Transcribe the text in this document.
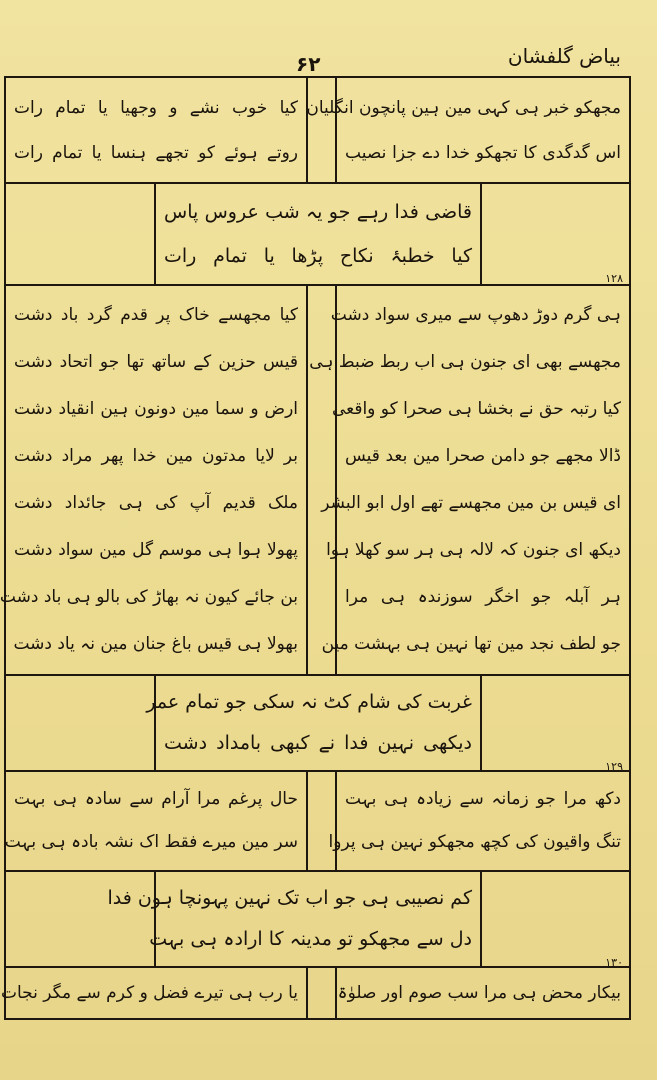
۶۲	بیاض گلفشان
مجھکو خبر ہی کہی مین ہین پانچون انگلیان
اس گدگدی کا تجھکو خدا دے جزا نصیب
کیا خوب نشے و وجھیا یا تمام رات
روتے ہوئے کو تجھے ہنسا یا تمام رات
قاضی فدا رہے جو یہ شب عروس پاس
کیا خطبۂ نکاح پڑھا یا تمام رات
۱۲۸
ہی گرم دوڑ دھوپ سے میری سواد دشت
مجھسے بھی ای جنون ہی اب ربط ضبط ہی
کیا رتبہ حق نے بخشا ہی صحرا کو واقعی
ڈالا مجھے جو دامن صحرا مین بعد قیس
ای قیس بن مین مجھسے تھے اول ابو البشر
دیکھ ای جنون کہ لالہ ہی ہر سو کھلا ہوا
ہر آبلہ جو اخگر سوزندہ ہی مرا
جو لطف نجد مین تھا نہین ہی بہشت مین
کیا مجھسے خاک پر قدم گرد باد دشت
قیس حزین کے ساتھ تھا جو اتحاد دشت
ارض و سما مین دونون ہین انقیاد دشت
بر لایا مدتون مین خدا پھر مراد دشت
ملک قدیم آپ کی ہی جائداد دشت
پھولا ہوا ہی موسم گل مین سواد دشت
بن جائے کیون نہ بھاڑ کی بالو ہی باد دشت
بھولا ہی قیس باغ جنان مین نہ یاد دشت
غربت کی شام کٹ نہ سکی جو تمام عمر
دیکھی نہین فدا نے کبھی بامداد دشت
۱۲۹
دکھ مرا جو زمانہ سے زیادہ ہی بہت
تنگ واقیون کی کچھ مجھکو نہین ہی پروا
حال پرغم مرا آرام سے سادہ ہی بہت
سر مین میرے فقط اک نشہ بادہ ہی بہت
کم نصیبی ہی جو اب تک نہین پہونچا ہون فدا
دل سے مجھکو تو مدینہ کا ارادہ ہی بہت
۱۳۰
بیکار محض ہی مرا سب صوم اور صلوٰۃ
یا رب ہی تیرے فضل و کرم سے مگر نجات
